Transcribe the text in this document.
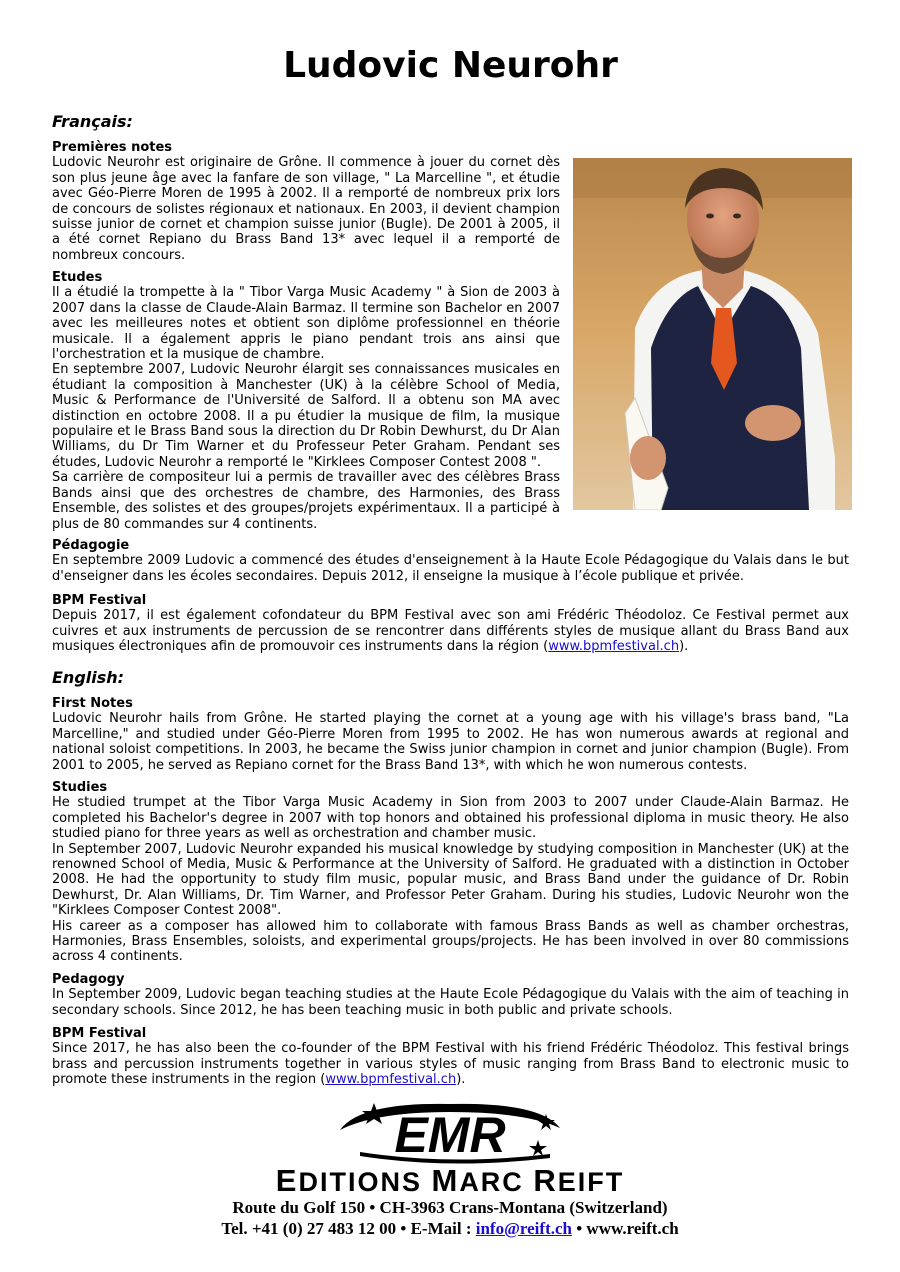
Ludovic Neurohr
Français:
Premières notes

Ludovic Neurohr est originaire de Grône. Il commence à jouer du cornet dès son plus jeune âge avec la fanfare de son village, " La Marcelline ", et étudie avec Géo-Pierre Moren de 1995 à 2002. Il a remporté de nombreux prix lors de concours de solistes régionaux et nationaux. En 2003, il devient champion suisse junior de cornet et champion suisse junior (Bugle). De 2001 à 2005, il a été cornet Repiano du Brass Band 13* avec lequel il a remporté de nombreux concours.

Etudes

Il a étudié la trompette à la " Tibor Varga Music Academy " à Sion de 2003 à 2007 dans la classe de Claude-Alain Barmaz. Il termine son Bachelor en 2007 avec les meilleures notes et obtient son diplôme professionnel en théorie musicale. Il a également appris le piano pendant trois ans ainsi que l'orchestration et la musique de chambre.

En septembre 2007, Ludovic Neurohr élargit ses connaissances musicales en étudiant la composition à Manchester (UK) à la célèbre School of Media, Music & Performance de l'Université de Salford. Il a obtenu son MA avec distinction en octobre 2008. Il a pu étudier la musique de film, la musique populaire et le Brass Band sous la direction du Dr Robin Dewhurst, du Dr Alan Williams, du Dr Tim Warner et du Professeur Peter Graham. Pendant ses études, Ludovic Neurohr a remporté le "Kirklees Composer Contest 2008 ".

Sa carrière de compositeur lui a permis de travailler avec des célèbres Brass Bands ainsi que des orchestres de chambre, des Harmonies, des Brass Ensemble, des solistes et des groupes/projets expérimentaux. Il a participé à plus de 80 commandes sur 4 continents.

Pédagogie

En septembre 2009 Ludovic a commencé des études d'enseignement à la Haute Ecole Pédagogique du Valais dans le but d'enseigner dans les écoles secondaires. Depuis 2012, il enseigne la musique à l’école publique et privée.

BPM Festival

Depuis 2017, il est également cofondateur du BPM Festival avec son ami Frédéric Théodoloz. Ce Festival permet aux cuivres et aux instruments de percussion de se rencontrer dans différents styles de musique allant du Brass Band aux musiques électroniques afin de promouvoir ces instruments dans la région (www.bpmfestival.ch).

English:
First Notes

Ludovic Neurohr hails from Grône. He started playing the cornet at a young age with his village's brass band, "La Marcelline," and studied under Géo-Pierre Moren from 1995 to 2002. He has won numerous awards at regional and national soloist competitions. In 2003, he became the Swiss junior champion in cornet and junior champion (Bugle). From 2001 to 2005, he served as Repiano cornet for the Brass Band 13*, with which he won numerous contests.

Studies

He studied trumpet at the Tibor Varga Music Academy in Sion from 2003 to 2007 under Claude-Alain Barmaz. He completed his Bachelor's degree in 2007 with top honors and obtained his professional diploma in music theory. He also studied piano for three years as well as orchestration and chamber music.

In September 2007, Ludovic Neurohr expanded his musical knowledge by studying composition in Manchester (UK) at the renowned School of Media, Music & Performance at the University of Salford. He graduated with a distinction in October 2008. He had the opportunity to study film music, popular music, and Brass Band under the guidance of Dr. Robin Dewhurst, Dr. Alan Williams, Dr. Tim Warner, and Professor Peter Graham. During his studies, Ludovic Neurohr won the "Kirklees Composer Contest 2008".

His career as a composer has allowed him to collaborate with famous Brass Bands as well as chamber orchestras, Harmonies, Brass Ensembles, soloists, and experimental groups/projects. He has been involved in over 80 commissions across 4 continents.

Pedagogy

In September 2009, Ludovic began teaching studies at the Haute Ecole Pédagogique du Valais with the aim of teaching in secondary schools. Since 2012, he has been teaching music in both public and private schools.

BPM Festival

Since 2017, he has also been the co-founder of the BPM Festival with his friend Frédéric Théodoloz. This festival brings brass and percussion instruments together in various styles of music ranging from Brass Band to electronic music to promote these instruments in the region (www.bpmfestival.ch).

EMR
EDITIONS MARC REIFT
Route du Golf 150 • CH-3963 Crans-Montana (Switzerland)
Tel. +41 (0) 27 483 12 00 • E-Mail : info@reift.ch • www.reift.ch
